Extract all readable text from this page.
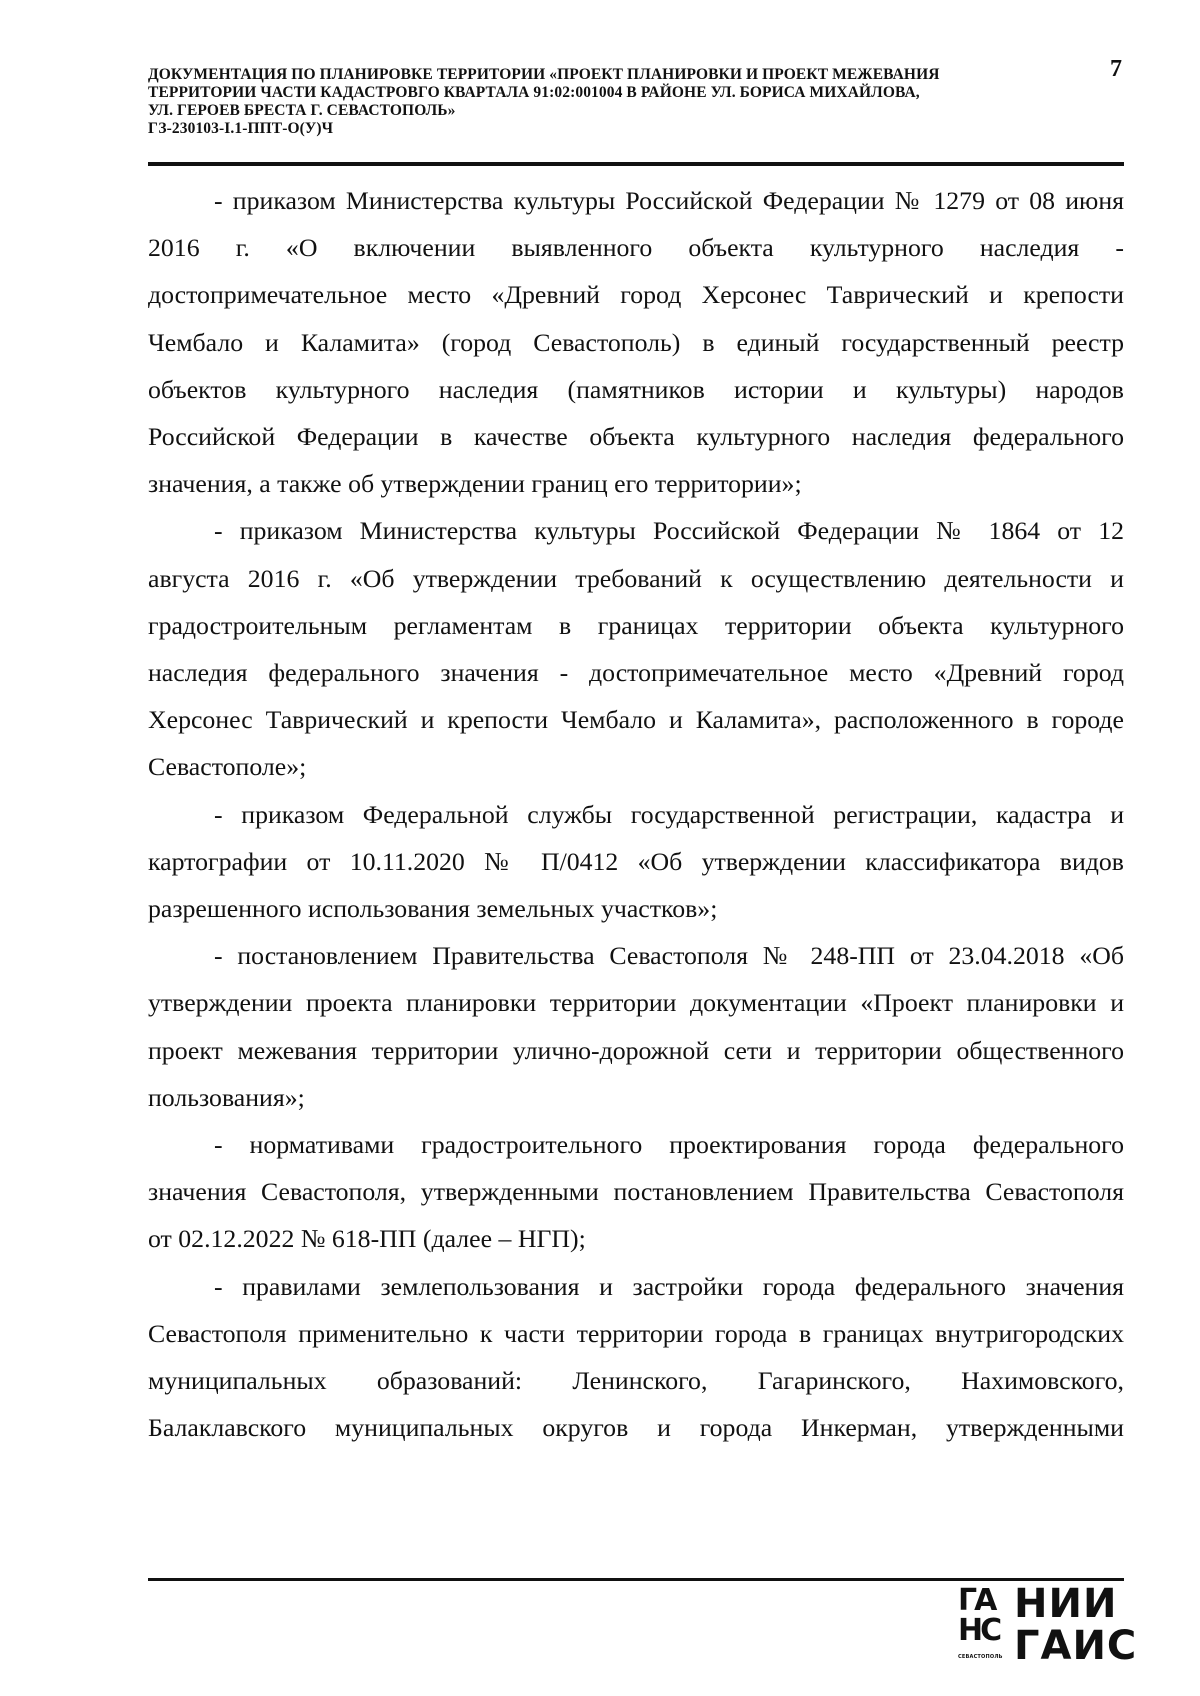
ДОКУМЕНТАЦИЯ ПО ПЛАНИРОВКЕ ТЕРРИТОРИИ «ПРОЕКТ ПЛАНИРОВКИ И ПРОЕКТ МЕЖЕВАНИЯ
ТЕРРИТОРИИ ЧАСТИ КАДАСТРОВГО КВАРТАЛА 91:02:001004 В РАЙОНЕ УЛ. БОРИСА МИХАЙЛОВА,
УЛ. ГЕРОЕВ БРЕСТА Г. СЕВАСТОПОЛЬ»
ГЗ-230103-I.1-ППТ-О(У)Ч
7

- приказом Министерства культуры Российской Федерации № 1279 от 08 июня

2016 г. «О включении выявленного объекта культурного наследия -

достопримечательное место «Древний город Херсонес Таврический и крепости

Чембало и Каламита» (город Севастополь) в единый государственный реестр

объектов культурного наследия (памятников истории и культуры) народов

Российской Федерации в качестве объекта культурного наследия федерального

значения, а также об утверждении границ его территории»;

- приказом Министерства культуры Российской Федерации № 1864 от 12

августа 2016 г. «Об утверждении требований к осуществлению деятельности и

градостроительным регламентам в границах территории объекта культурного

наследия федерального значения - достопримечательное место «Древний город

Херсонес Таврический и крепости Чембало и Каламита», расположенного в городе

Севастополе»;

- приказом Федеральной службы государственной регистрации, кадастра и

картографии от 10.11.2020 № П/0412 «Об утверждении классификатора видов

разрешенного использования земельных участков»;

- постановлением Правительства Севастополя № 248-ПП от 23.04.2018 «Об

утверждении проекта планировки территории документации «Проект планировки и

проект межевания территории улично-дорожной сети и территории общественного

пользования»;

- нормативами градостроительного проектирования города федерального

значения Севастополя, утвержденными постановлением Правительства Севастополя

от 02.12.2022 № 618-ПП (далее – НГП);

- правилами землепользования и застройки города федерального значения

Севастополя применительно к части территории города в границах внутригородских

муниципальных образований: Ленинского, Гагаринского, Нахимовского,

Балаклавского муниципальных округов и города Инкерман, утвержденными

ГА
НС
СЕВАСТОПОЛЬ
НИИ
ГАИС
